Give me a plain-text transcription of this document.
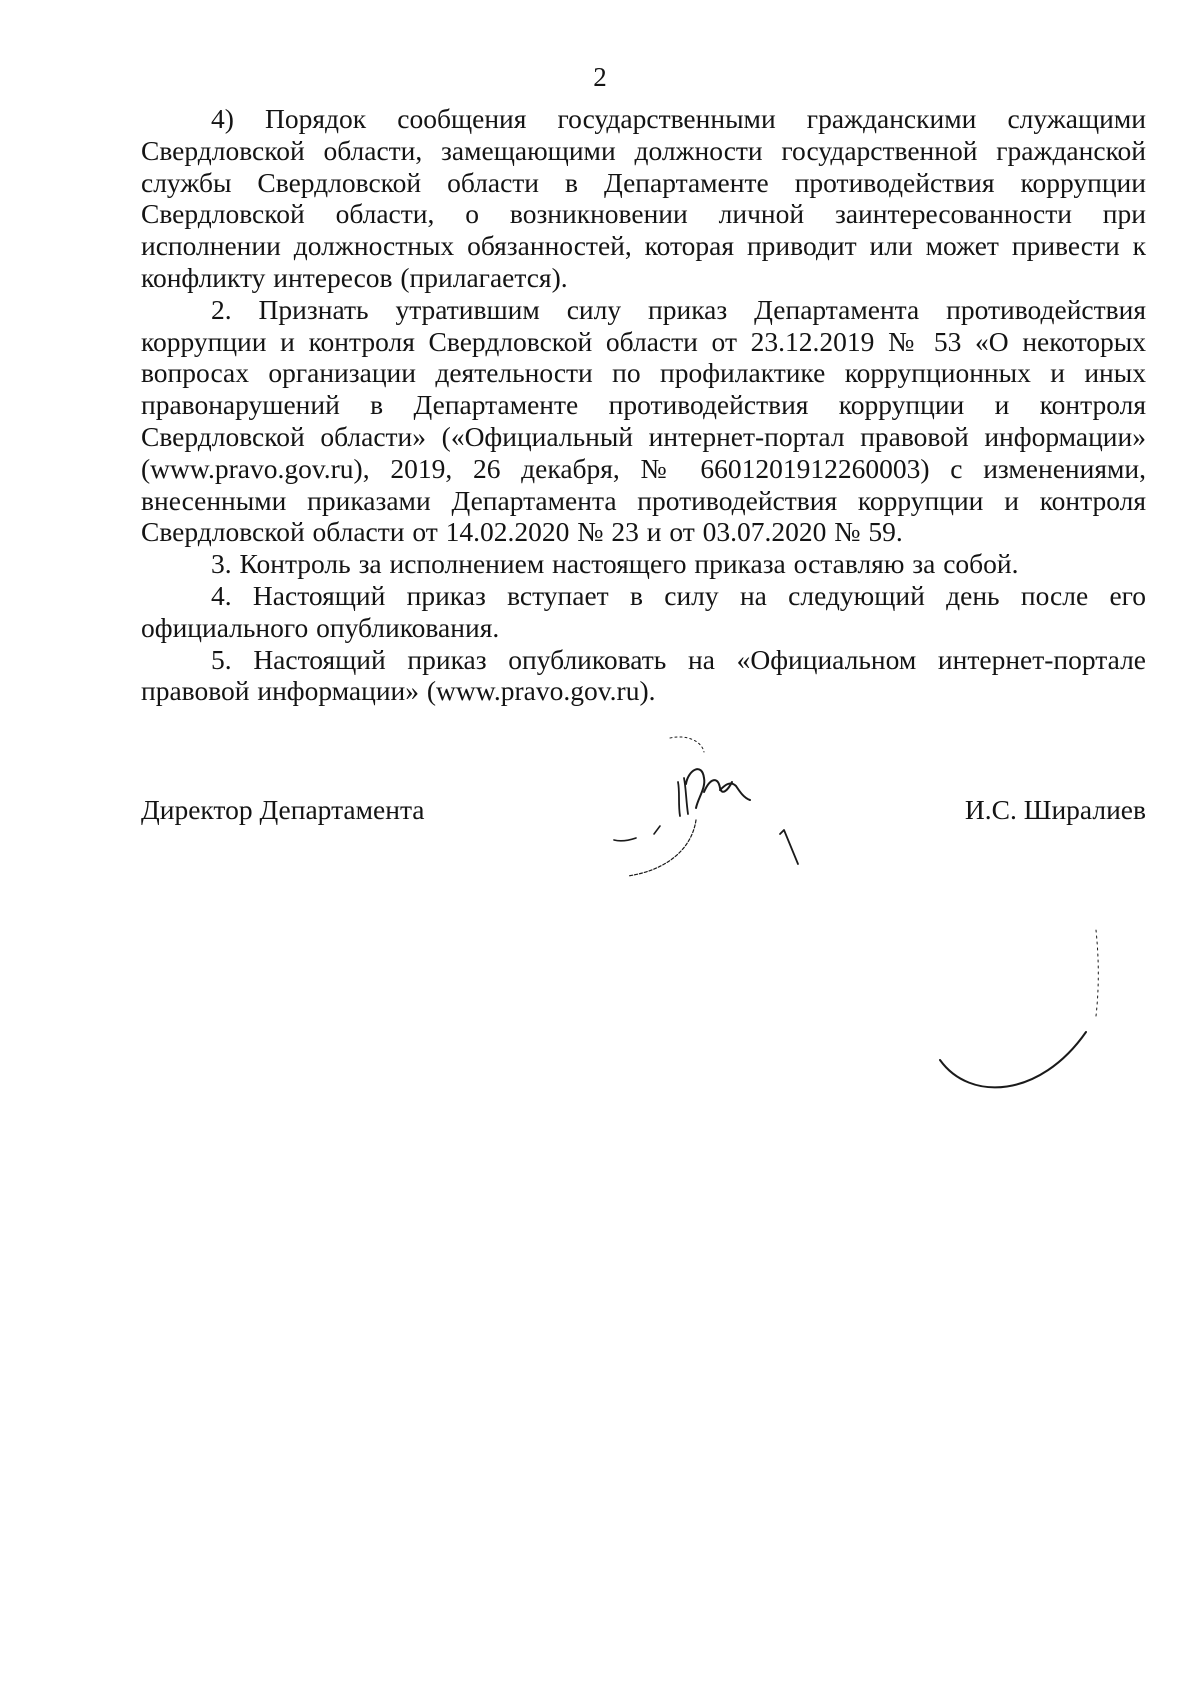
2

4) Порядок сообщения государственными гражданскими служащими Свердловской области, замещающими должности государственной гражданской службы Свердловской области в Департаменте противодействия коррупции Свердловской области, о возникновении личной заинтересованности при исполнении должностных обязанностей, которая приводит или может привести к конфликту интересов (прилагается).

2. Признать утратившим силу приказ Департамента противодействия коррупции и контроля Свердловской области от 23.12.2019 № 53 «О некоторых вопросах организации деятельности по профилактике коррупционных и иных правонарушений в Департаменте противодействия коррупции и контроля Свердловской области» («Официальный интернет-портал правовой информации» (www.pravo.gov.ru), 2019, 26 декабря, № 6601201912260003) с изменениями, внесенными приказами Департамента противодействия коррупции и контроля Свердловской области от 14.02.2020 № 23 и от 03.07.2020 № 59.

3. Контроль за исполнением настоящего приказа оставляю за собой.

4. Настоящий приказ вступает в силу на следующий день после его официального опубликования.

5. Настоящий приказ опубликовать на «Официальном интернет-портале правовой информации» (www.pravo.gov.ru).

Директор Департамента	И.С. Ширалиев
